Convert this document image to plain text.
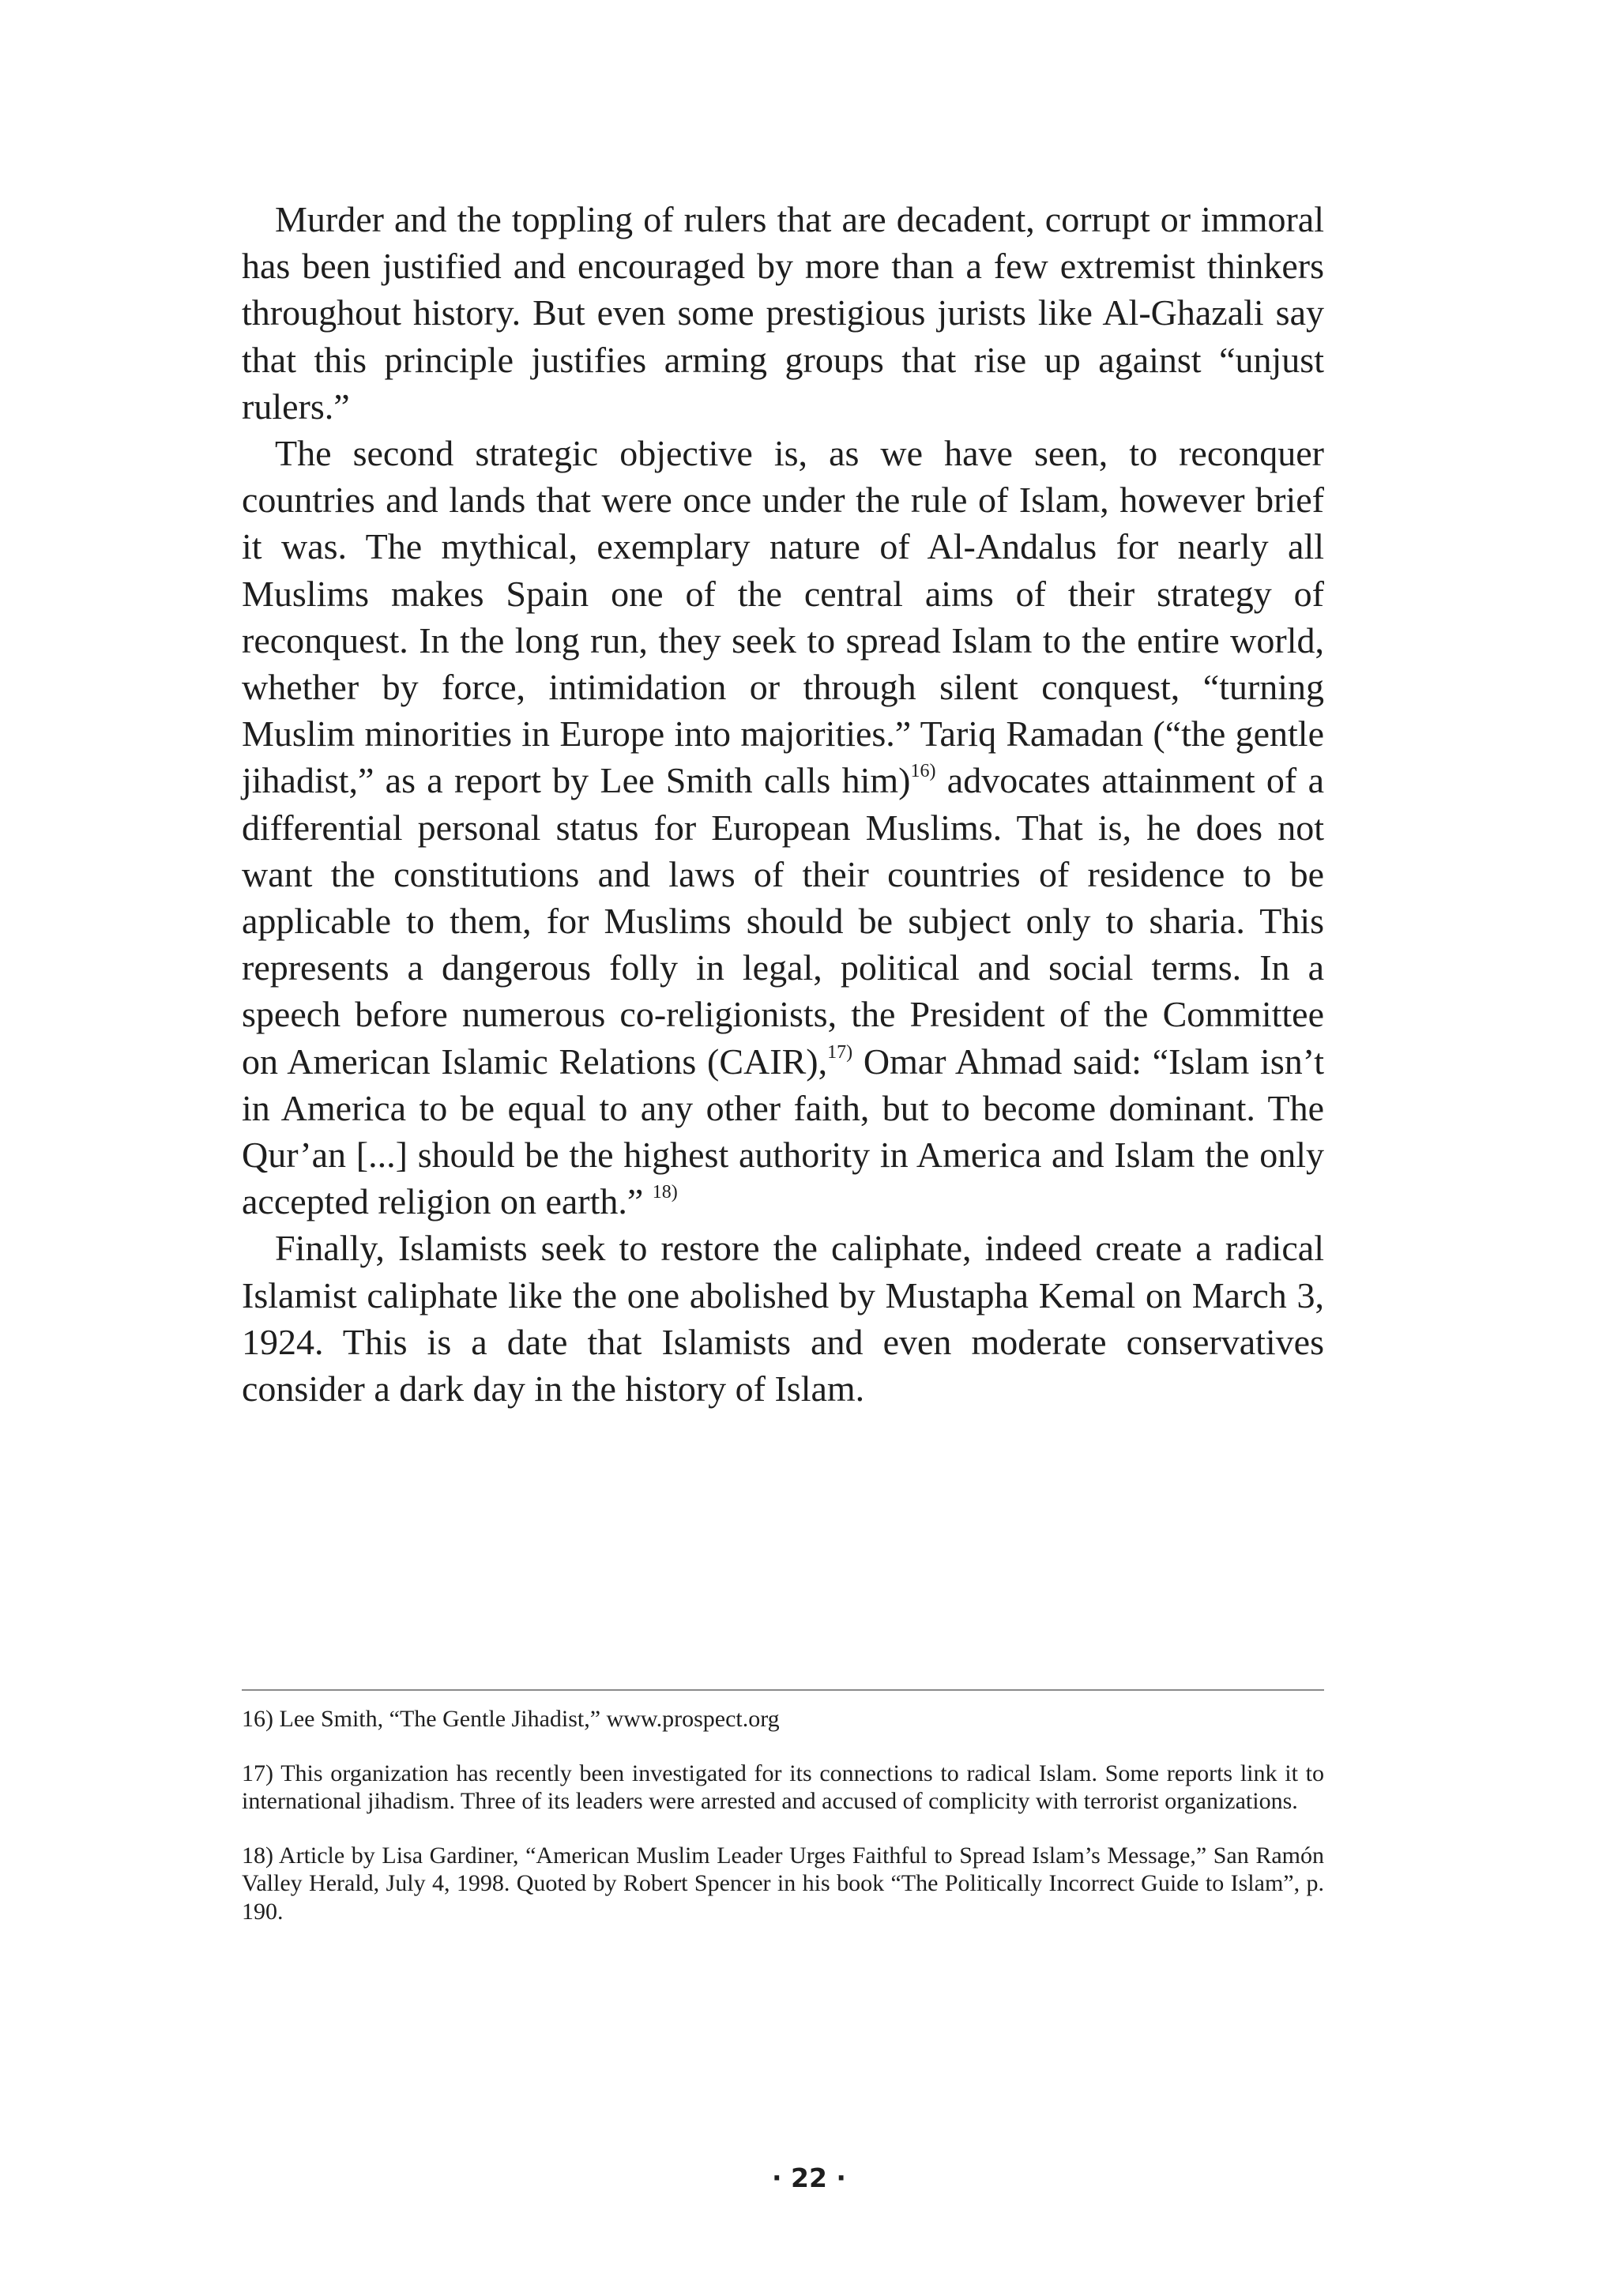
Murder and the toppling of rulers that are decadent, corrupt or immoral has been justified and encouraged by more than a few extremist thinkers throughout history. But even some prestigious jurists like Al-Ghazali say that this principle justifies arming groups that rise up against “unjust rulers.”

The second strategic objective is, as we have seen, to reconquer countries and lands that were once under the rule of Islam, however brief it was. The mythical, exemplary nature of Al-Andalus for nearly all Muslims makes Spain one of the central aims of their strategy of reconquest. In the long run, they seek to spread Islam to the entire world, whether by force, intimidation or through silent conquest, “turning Muslim minorities in Europe into majorities.” Tariq Ramadan (“the gentle jihadist,” as a report by Lee Smith calls him)$^{16)}$ advocates attainment of a differential personal status for European Muslims. That is, he does not want the constitutions and laws of their countries of residence to be applicable to them, for Muslims should be subject only to sharia. This represents a dangerous folly in legal, political and social terms. In a speech before numerous co-religionists, the President of the Committee on American Islamic Relations (CAIR),$^{17)}$ Omar Ahmad said: “Islam isn’t in America to be equal to any other faith, but to become dominant. The Qur’an [...] should be the highest authority in America and Islam the only accepted religion on earth.” $^{18)}$

Finally, Islamists seek to restore the caliphate, indeed create a radical Islamist caliphate like the one abolished by Mustapha Kemal on March 3, 1924. This is a date that Islamists and even moderate conservatives consider a dark day in the history of Islam.

16) Lee Smith, “The Gentle Jihadist,” www.prospect.org

17) This organization has recently been investigated for its connections to radical Islam. Some reports link it to international jihadism. Three of its leaders were arrested and accused of complicity with terrorist organizations.

18) Article by Lisa Gardiner, “American Muslim Leader Urges Faithful to Spread Islam’s Message,” San Ramón Valley Herald, July 4, 1998. Quoted by Robert Spencer in his book “The Politically Incorrect Guide to Islam”, p. 190.

· 22 ·
